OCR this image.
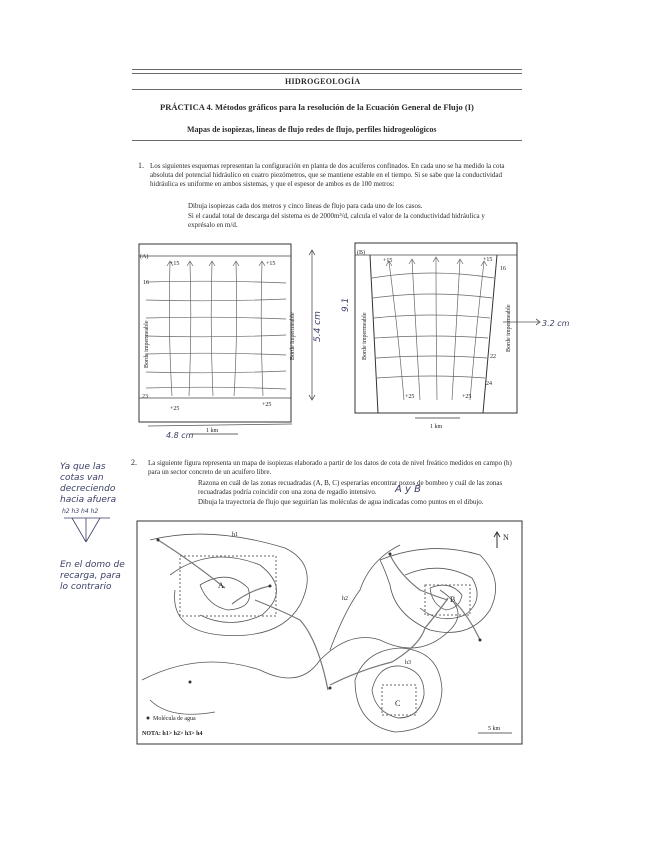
HIDROGEOLOGÍA
PRÁCTICA 4. Métodos gráficos para la resolución de la Ecuación General de Flujo (I)
Mapas de isopiezas, líneas de flujo redes de flujo, perfiles hidrogeológicos
1. Los siguientes esquemas representan la configuración en planta de dos acuíferos confinados. En cada uno se ha medido la cota absoluta del potencial hidráulico en cuatro piezómetros, que se mantiene estable en el tiempo. Si se sabe que la conductividad hidráulica es uniforme en ambos sistemas, y que el espesor de ambos es de 100 metros:
Dibuja isopiezas cada dos metros y cinco líneas de flujo para cada uno de los casos.
Si el caudal total de descarga del sistema es de 2000m³/d, calcula el valor de la conductividad hidráulica y exprésalo en m/d.
(A)
+15	+15
+25
+25
16
23
Borde impermeable	Borde impermeable
1 km
5.4 cm
4.8 cm
(B)
+15	+15
+25	+25
16
22
24
Borde impermeable	Borde impermeable
1 km
9.1
3.2 cm
2. La siguiente figura representa un mapa de isopiezas elaborado a partir de los datos de cota de nivel freático medidos en campo (h) para un sector concreto de un acuífero libre.
Razona en cuál de las zonas recuadradas (A, B, C) esperarías encontrar pozos de bombeo y cuál de las zonas recuadradas podría coincidir con una zona de regadío intensivo.	A y B
Dibuja la trayectoria de flujo que seguirían las moléculas de agua indicadas como puntos en el dibujo.
Ya que las cotas van decreciendo hacia afuera
h2 h3 h4 h2
En el domo de recarga, para lo contrario	A
B
C
h1
h2
h3
N
Molécula de agua
NOTA: h1> h2> h3> h4
5 km
